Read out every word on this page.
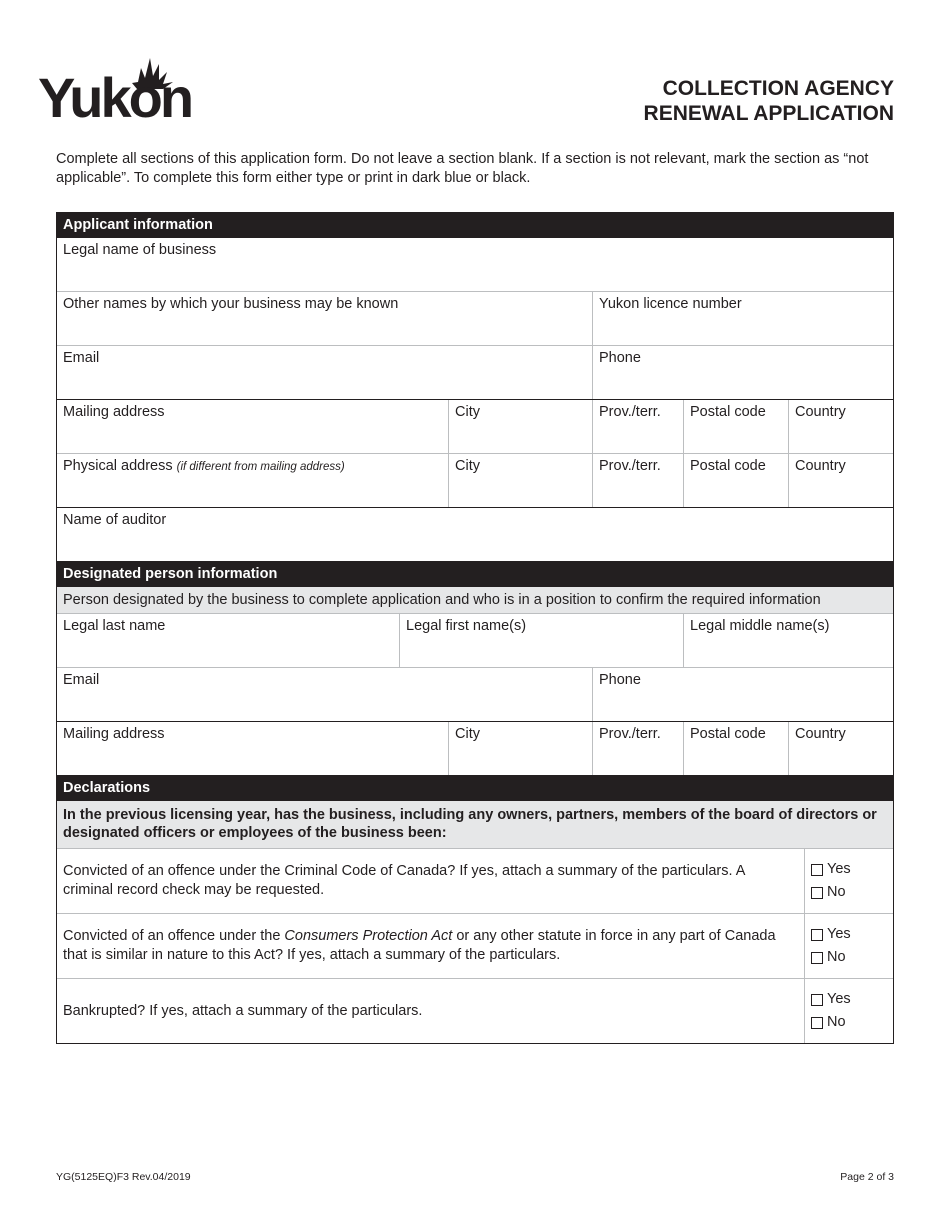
Yukon	COLLECTION AGENCY
RENEWAL APPLICATION
Complete all sections of this application form. Do not leave a section blank. If a section is not relevant, mark the section as “not applicable”. To complete this form either type or print in dark blue or black.
Applicant information
Legal name of business
Other names by which your business may be known	Yukon licence number
Email	Phone
Mailing address	City	Prov./terr.	Postal code	Country
Physical address (if different from mailing address)	City	Prov./terr.	Postal code	Country
Name of auditor
Designated person information
Person designated by the business to complete application and who is in a position to confirm the required information
Legal last name	Legal first name(s)	Legal middle name(s)
Email	Phone
Mailing address	City	Prov./terr.	Postal code	Country
Declarations
In the previous licensing year, has the business, including any owners, partners, members of the board of directors or designated officers or employees of the business been:
Convicted of an offence under the Criminal Code of Canada? If yes, attach a summary of the particulars. A criminal record check may be requested.
Yes
No
Convicted of an offence under the Consumers Protection Act or any other statute in force in any part of Canada that is similar in nature to this Act? If yes, attach a summary of the particulars.
Yes
No
Bankrupted? If yes, attach a summary of the particulars.
Yes
No
YG(5125EQ)F3 Rev.04/2019	Page 2 of 3
